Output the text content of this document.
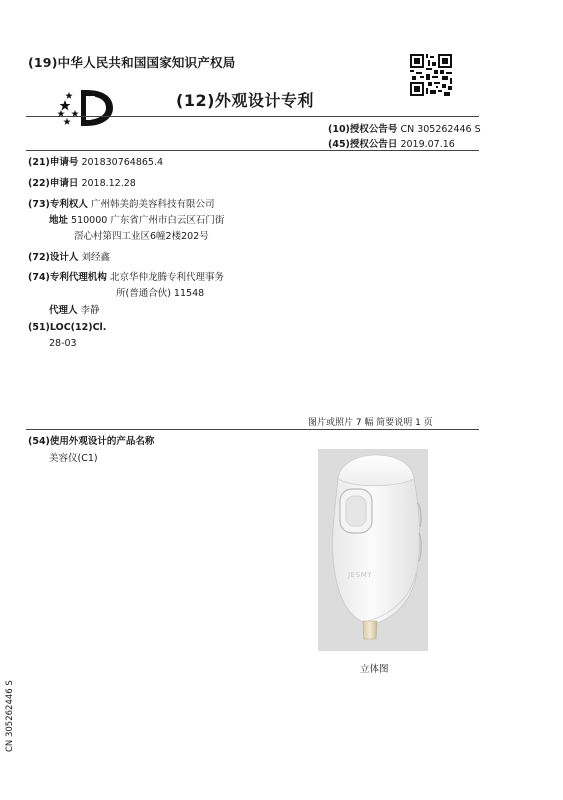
(19)中华人民共和国国家知识产权局
(12)外观设计专利
(10)授权公告号 CN 305262446 S
(45)授权公告日 2019.07.16
(21)申请号 201830764865.4
(22)申请日 2018.12.28
(73)专利权人 广州韩美韵美容科技有限公司
地址 510000 广东省广州市白云区石门街
滘心村第四工业区6幢2楼202号
(72)设计人 刘经鑫
(74)专利代理机构 北京华仲龙腾专利代理事务
所(普通合伙) 11548
代理人 李静
(51)LOC(12)Cl.
28-03
图片或照片 7 幅 简要说明 1 页
(54)使用外观设计的产品名称
美容仪(C1)
JESMY
立体图
CN 305262446 S
